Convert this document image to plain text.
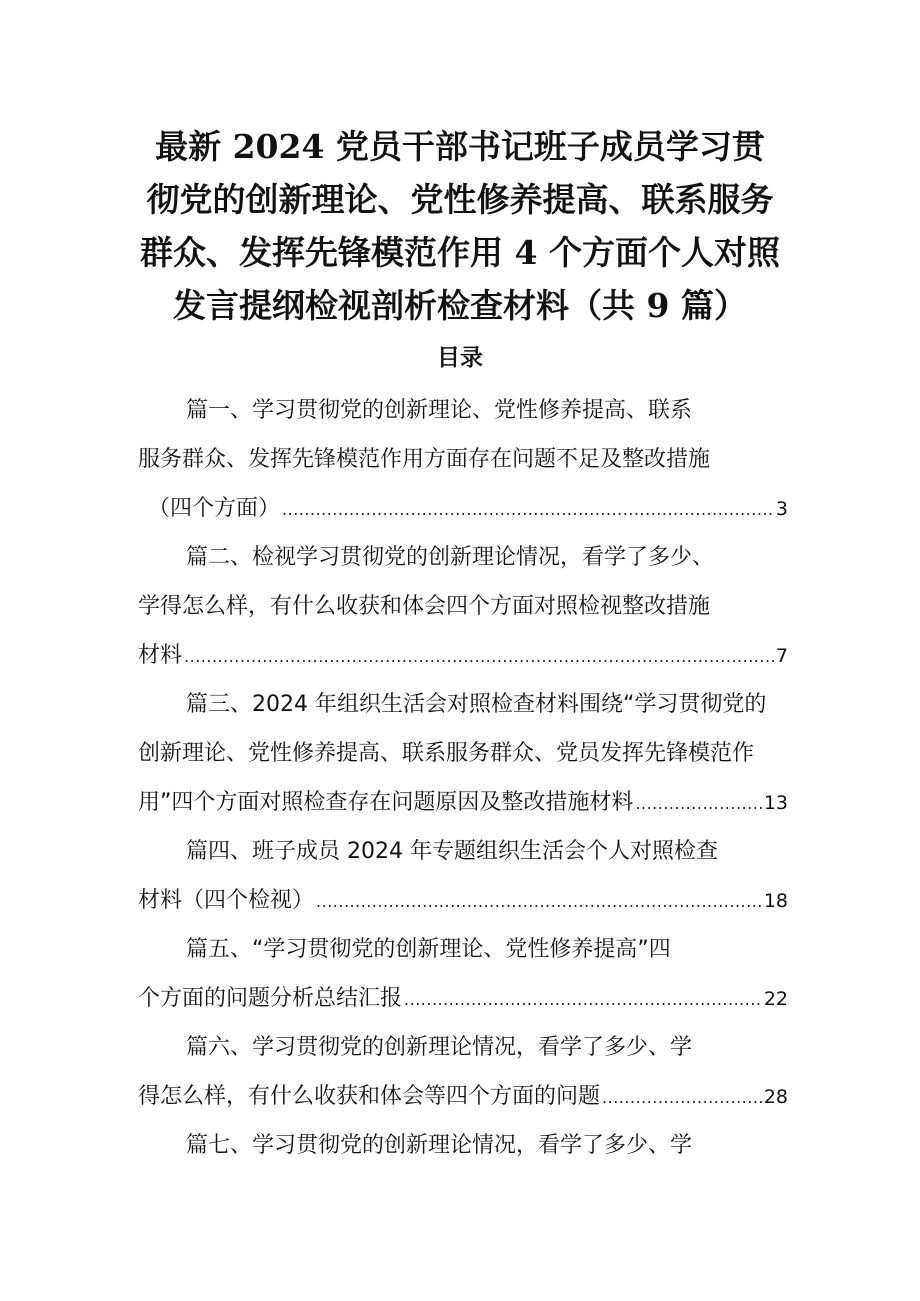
最新 2024 党员干部书记班子成员学习贯彻党的创新理论、党性修养提高、联系服务群众、发挥先锋模范作用 4 个方面个人对照发言提纲检视剖析检查材料（共 9 篇）
目录
篇一、学习贯彻党的创新理论、党性修养提高、联系
服务群众、发挥先锋模范作用方面存在问题不足及整改措施
（四个方面） .....	3
篇二、检视学习贯彻党的创新理论情况，看学了多少、
学得怎么样，有什么收获和体会四个方面对照检视整改措施
材料 .....	7
篇三、2024 年组织生活会对照检查材料围绕“学习贯彻党的
创新理论、党性修养提高、联系服务群众、党员发挥先锋模范作
用”四个方面对照检查存在问题原因及整改措施材料 .....	13
篇四、班子成员 2024 年专题组织生活会个人对照检查
材料（四个检视） .....	18
篇五、“学习贯彻党的创新理论、党性修养提高”四
个方面的问题分析总结汇报 .....	22
篇六、学习贯彻党的创新理论情况，看学了多少、学
得怎么样，有什么收获和体会等四个方面的问题 .....	28
篇七、学习贯彻党的创新理论情况，看学了多少、学
